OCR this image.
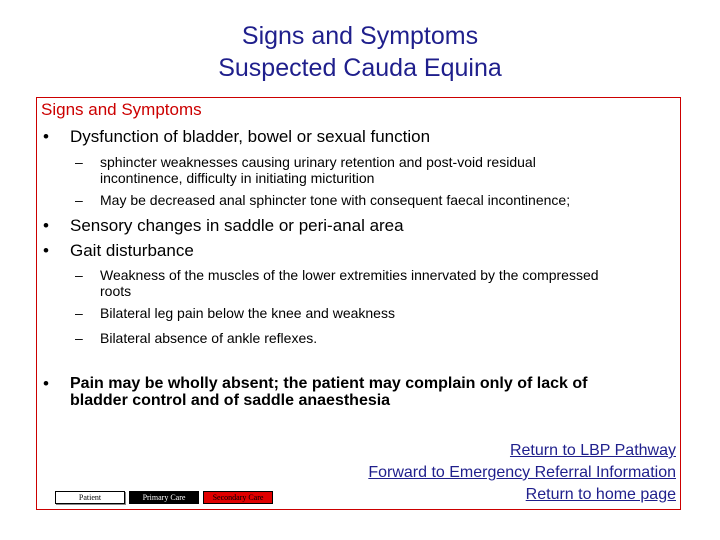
Signs and Symptoms
Suspected Cauda Equina
Signs and Symptoms
• Dysfunction of bladder, bowel or sexual function
– sphincter weaknesses causing urinary retention and post-void residual
incontinence, difficulty in initiating micturition
– May be decreased anal sphincter tone with consequent faecal incontinence;
• Sensory changes in saddle or peri-anal area
• Gait disturbance
– Weakness of the muscles of the lower extremities innervated by the compressed
roots
– Bilateral leg pain below the knee and weakness
– Bilateral absence of ankle reflexes.
• Pain may be wholly absent; the patient may complain only of lack of
bladder control and of saddle anaesthesia
Return to LBP Pathway
Forward to Emergency Referral Information
Return to home page
Patient	Primary Care	Secondary Care
